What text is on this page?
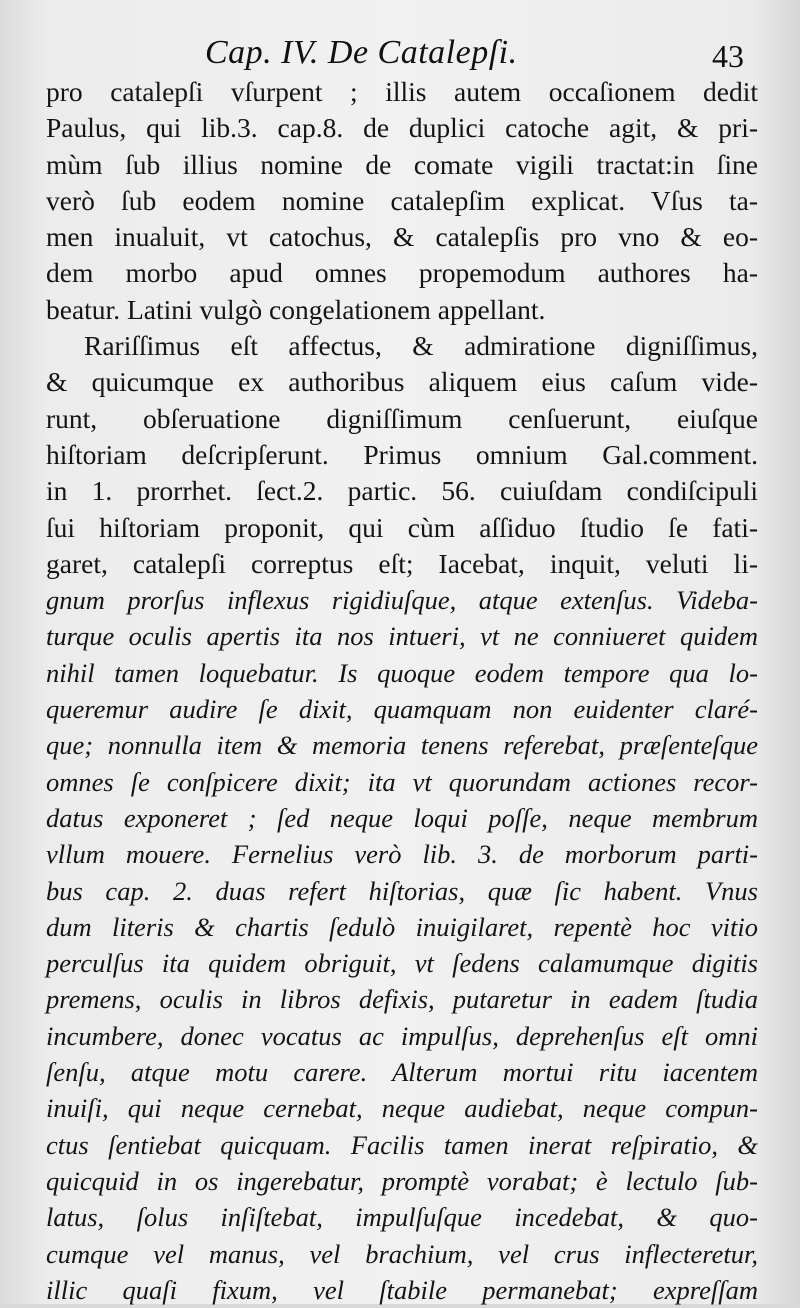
Cap. IV. De Catalepſi.	43
pro catalepſi vſurpent ; illis autem occaſionem dedit
Paulus, qui lib.3. cap.8. de duplici catoche agit, & pri-
mùm ſub illius nomine de comate vigili tractat:in ſine
verò ſub eodem nomine catalepſim explicat. Vſus ta-
men inualuit, vt catochus, & catalepſis pro vno & eo-
dem morbo apud omnes propemodum authores ha-
beatur. Latini vulgò congelationem appellant.
Rariſſimus eſt affectus, & admiratione digniſſimus,
& quicumque ex authoribus aliquem eius caſum vide-
runt, obſeruatione digniſſimum cenſuerunt, eiuſque
hiſtoriam deſcripſerunt. Primus omnium Gal.comment.
in 1. prorrhet. ſect.2. partic. 56. cuiuſdam condiſcipuli
ſui hiſtoriam proponit, qui cùm aſſiduo ſtudio ſe fati-
garet, catalepſi correptus eſt; Iacebat, inquit, veluti li-
gnum prorſus inflexus rigidiuſque, atque extenſus. Videba-
turque oculis apertis ita nos intueri, vt ne conniueret quidem
nihil tamen loquebatur. Is quoque eodem tempore qua lo-
queremur audire ſe dixit, quamquam non euidenter claré-
que; nonnulla item & memoria tenens referebat, præſenteſque
omnes ſe conſpicere dixit; ita vt quorundam actiones recor-
datus exponeret ; ſed neque loqui poſſe, neque membrum
vllum mouere. Fernelius verò lib. 3. de morborum parti-
bus cap. 2. duas refert hiſtorias, quæ ſic habent. Vnus
dum literis & chartis ſedulò inuigilaret, repentè hoc vitio
perculſus ita quidem obriguit, vt ſedens calamumque digitis
premens, oculis in libros defixis, putaretur in eadem ſtudia
incumbere, donec vocatus ac impulſus, deprehenſus eſt omni
ſenſu, atque motu carere. Alterum mortui ritu iacentem
inuiſi, qui neque cernebat, neque audiebat, neque compun-
ctus ſentiebat quicquam. Facilis tamen inerat reſpiratio, &
quicquid in os ingerebatur, promptè vorabat; è lectulo ſub-
latus, ſolus inſiſtebat, impulſuſque incedebat, & quo-
cumque vel manus, vel brachium, vel crus inflecteretur,
illic quaſi fixum, vel ſtabile permanebat; expreſſam
